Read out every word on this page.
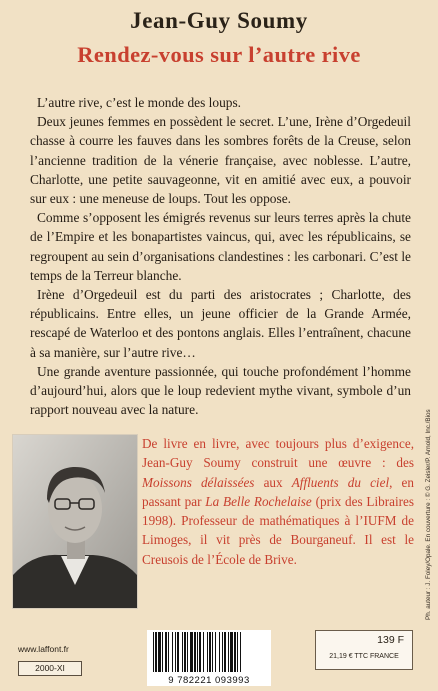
Jean-Guy Soumy
Rendez-vous sur l’autre rive

L’autre rive, c’est le monde des loups.

Deux jeunes femmes en possèdent le secret. L’une, Irène d’Orgedeuil chasse à courre les fauves dans les sombres forêts de la Creuse, selon l’ancienne tradition de la vénerie française, avec noblesse. L’autre, Charlotte, une petite sauvageonne, vit en amitié avec eux, a pouvoir sur eux : une meneuse de loups. Tout les oppose.

Comme s’opposent les émigrés revenus sur leurs terres après la chute de l’Empire et les bonapartistes vaincus, qui, avec les républicains, se regroupent au sein d’organisations clandestines : les carbonari. C’est le temps de la Terreur blanche.

Irène d’Orgedeuil est du parti des aristocrates ; Charlotte, des républicains. Entre elles, un jeune officier de la Grande Armée, rescapé de Waterloo et des pontons anglais. Elles l’entraînent, chacune à sa manière, sur l’autre rive…

Une grande aventure passionnée, qui touche profondément l’homme d’aujourd’hui, alors que le loup redevient mythe vivant, symbole d’un rapport nouveau avec la nature.
De livre en livre, avec toujours plus d’exigence, Jean-Guy Soumy construit une œuvre : des Moissons délaissées aux Affluents du ciel, en passant par La Belle Rochelaise (prix des Libraires 1998). Professeur de mathématiques à l’IUFM de Limoges, il vit près de Bourganeuf. Il est le Creusois de l’École de Brive.	Ph. auteur : J. Foley/Opale. En couverture : © G. Zeisler/P. Arnold, Inc./Bios
www.laffont.fr
2000-XI
9 782221 093993
139 F
21,19 € TTC FRANCE
